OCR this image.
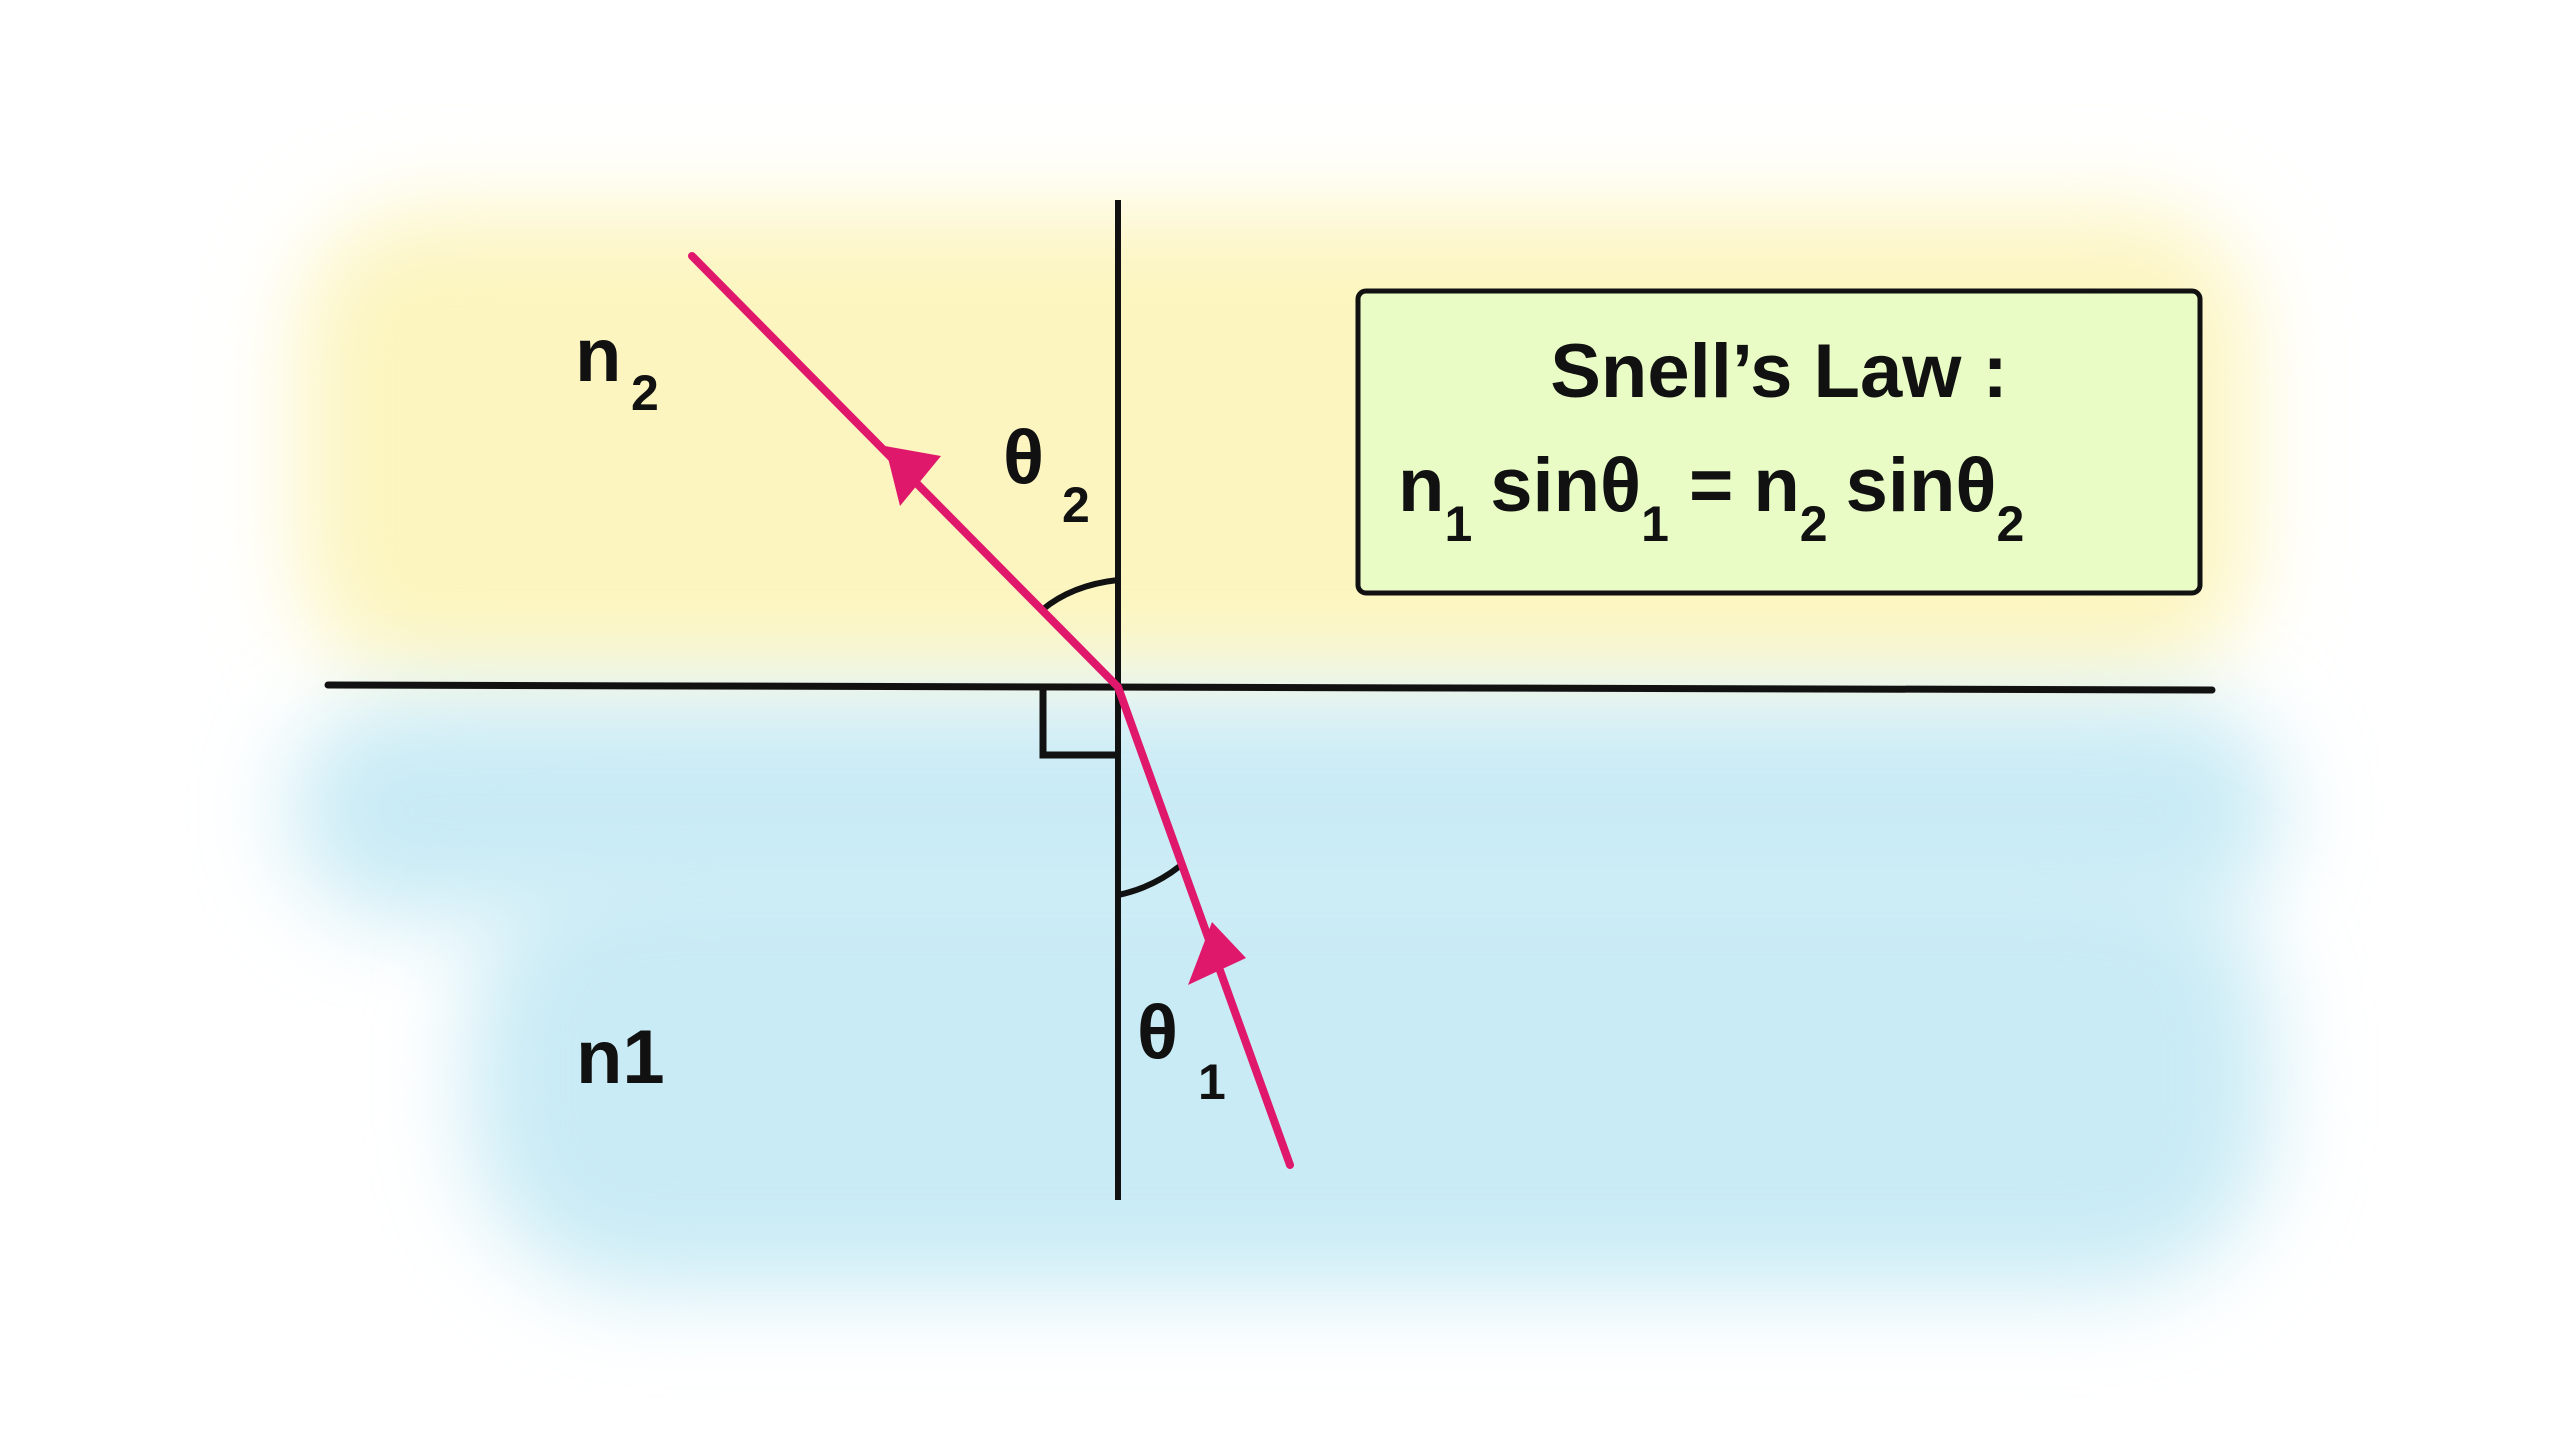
n 2
n1
θ
2
θ
1
Snell’s Law :
$n_1$ $\sin\theta_1 = n_2$ sinθ$_2$
